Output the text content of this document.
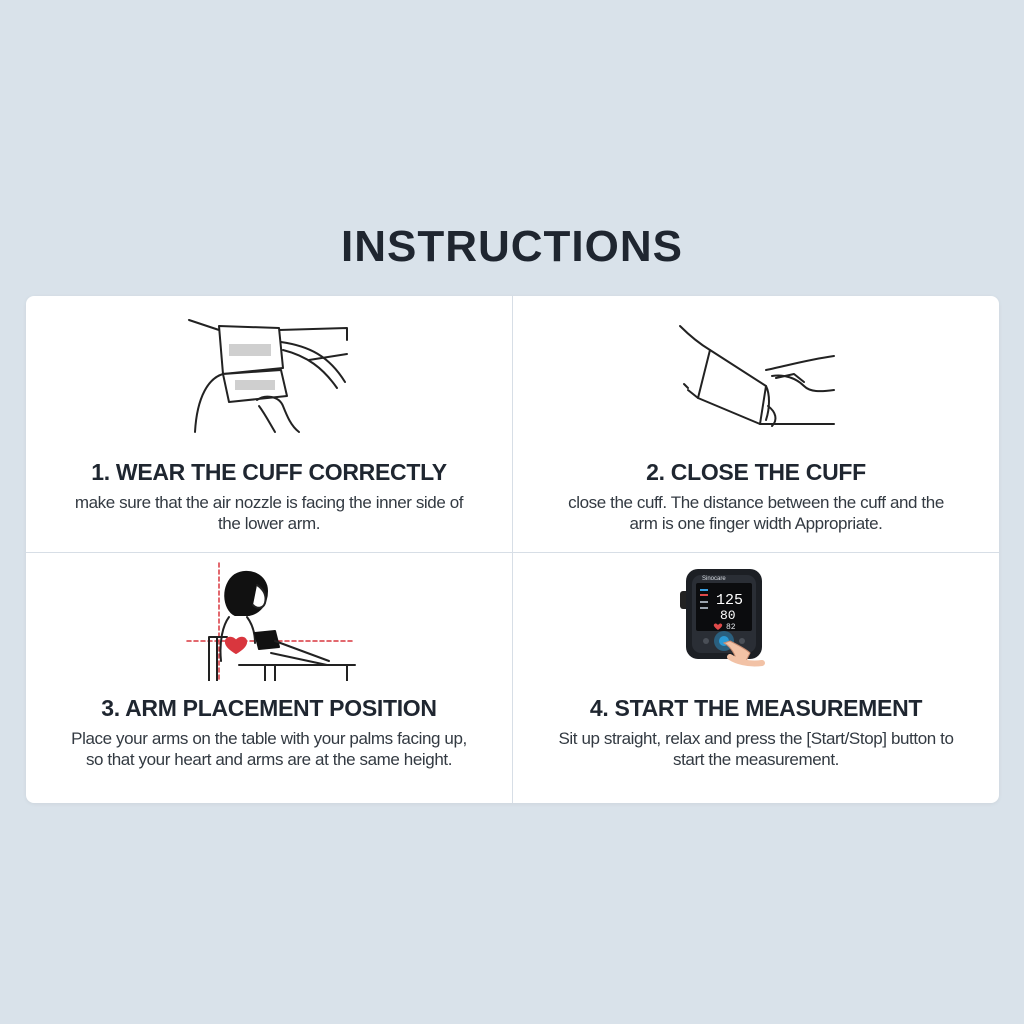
INSTRUCTIONS
1. WEAR THE CUFF CORRECTLY

make sure that the air nozzle is facing the inner side of the lower arm.

2. CLOSE THE CUFF

close the cuff. The distance between the cuff and the arm is one finger width Appropriate.

3. ARM PLACEMENT POSITION

Place your arms on the table with your palms facing up, so that your heart and arms are at the same height.

Sinocare
125
80
82
4. START THE MEASUREMENT

Sit up straight, relax and press the [Start/Stop] button to start the measurement.
